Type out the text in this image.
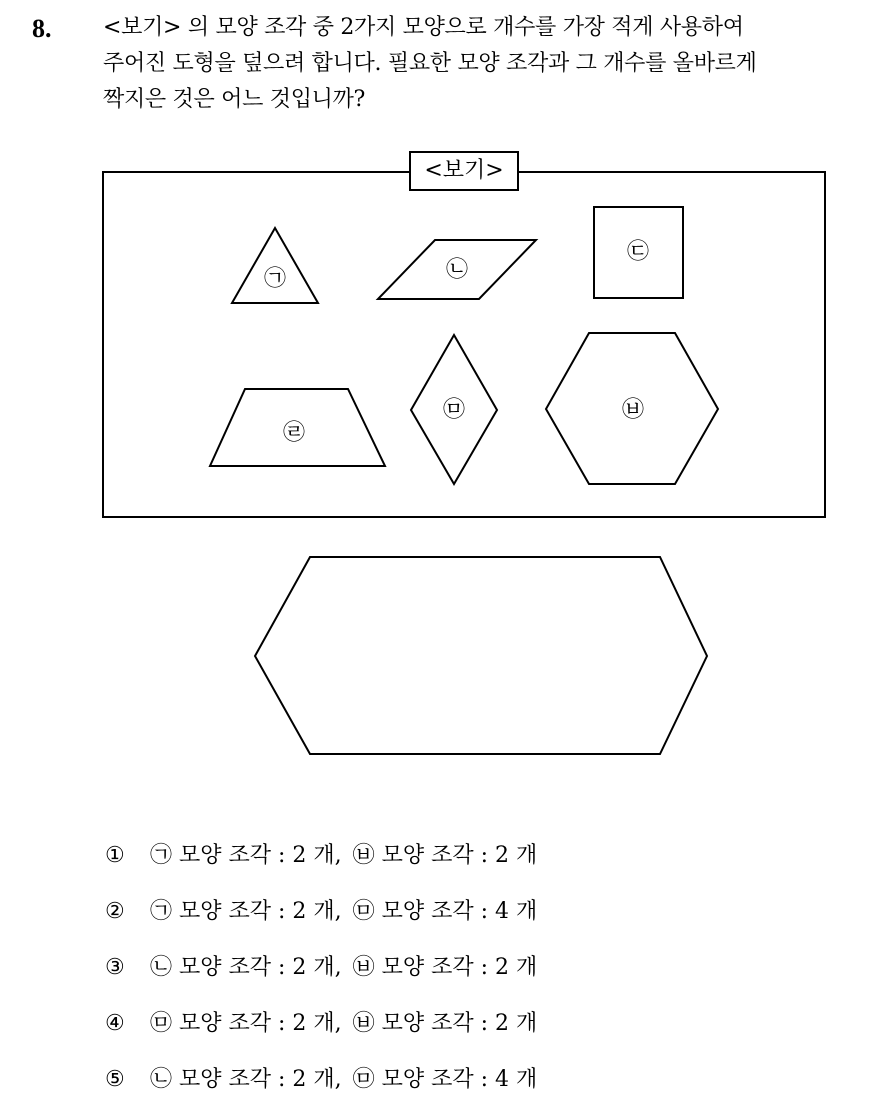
8. <보기> 의 모양 조각 중 2가지 모양으로 개수를 가장 적게 사용하여
주어진 도형을 덮으려 합니다. 필요한 모양 조각과 그 개수를 올바르게
짝지은 것은 어느 것입니까?
<보기>
㉠	㉡
㉢
㉣
㉤	㉥
① ㉠ 모양 조각 : 2 개, ㉥ 모양 조각 : 2 개
② ㉠ 모양 조각 : 2 개, ㉤ 모양 조각 : 4 개
③ ㉡ 모양 조각 : 2 개, ㉥ 모양 조각 : 2 개
④ ㉤ 모양 조각 : 2 개, ㉥ 모양 조각 : 2 개
⑤ ㉡ 모양 조각 : 2 개, ㉤ 모양 조각 : 4 개
